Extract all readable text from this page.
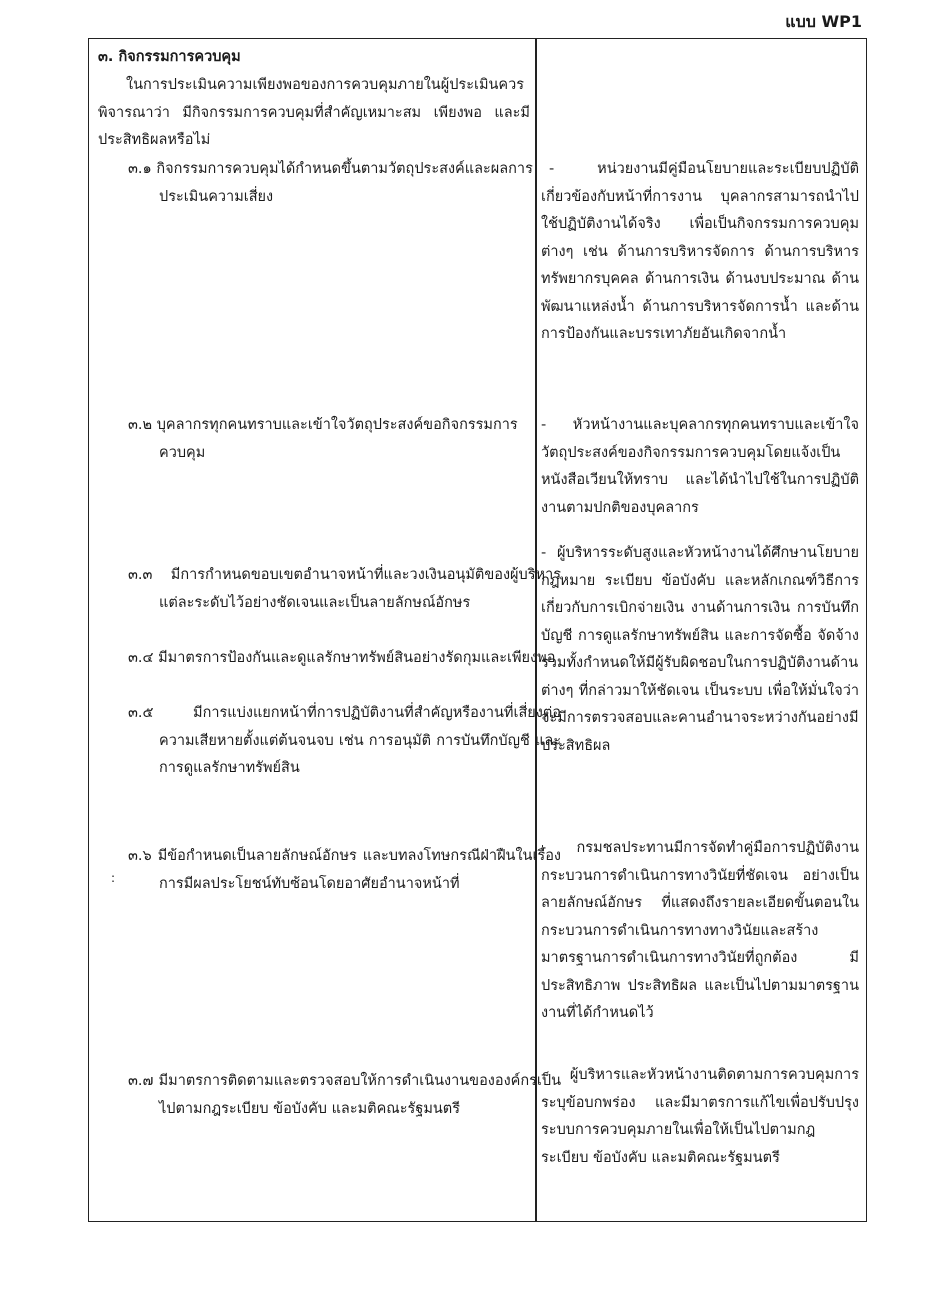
แบบ WP1
๓. กิจกรรมการควบคุม
ในการประเมินความเพียงพอของการควบคุมภายในผู้ประเมินควรพิจารณาว่า มีกิจกรรมการควบคุมที่สำคัญเหมาะสม เพียงพอ และมีประสิทธิผลหรือไม่
๓.๑ กิจกรรมการควบคุมได้กำหนดขึ้นตามวัตถุประสงค์และผลการประเมินความเสี่ยง
๓.๒ บุคลากรทุกคนทราบและเข้าใจวัตถุประสงค์ขอกิจกรรมการควบคุม
๓.๓ มีการกำหนดขอบเขตอำนาจหน้าที่และวงเงินอนุมัติของผู้บริหารแต่ละระดับไว้อย่างชัดเจนและเป็นลายลักษณ์อักษร
๓.๔ มีมาตรการป้องกันและดูแลรักษาทรัพย์สินอย่างรัดกุมและเพียงพอ
๓.๕ มีการแบ่งแยกหน้าที่การปฏิบัติงานที่สำคัญหรืองานที่เสี่ยงต่อความเสียหายตั้งแต่ต้นจนจบ เช่น การอนุมัติ การบันทึกบัญชี และการดูแลรักษาทรัพย์สิน
๓.๖ มีข้อกำหนดเป็นลายลักษณ์อักษร และบทลงโทษกรณีฝ่าฝืนในเรื่องการมีผลประโยชน์ทับซ้อนโดยอาศัยอำนาจหน้าที่
๓.๗ มีมาตรการติดตามและตรวจสอบให้การดำเนินงานขององค์กรเป็นไปตามกฎระเบียบ ข้อบังคับ และมติคณะรัฐมนตรี
- หน่วยงานมีคู่มือนโยบายและระเบียบปฏิบัติเกี่ยวข้องกับหน้าที่การงาน บุคลากรสามารถนำไปใช้ปฏิบัติงานได้จริง เพื่อเป็นกิจกรรมการควบคุมต่างๆ เช่น ด้านการบริหารจัดการ ด้านการบริหารทรัพยากรบุคคล ด้านการเงิน ด้านงบประมาณ ด้านพัฒนาแหล่งน้ำ ด้านการบริหารจัดการน้ำ และด้านการป้องกันและบรรเทาภัยอันเกิดจากน้ำ
- หัวหน้างานและบุคลากรทุกคนทราบและเข้าใจวัตถุประสงค์ของกิจกรรมการควบคุมโดยแจ้งเป็นหนังสือเวียนให้ทราบ และได้นำไปใช้ในการปฏิบัติงานตามปกติของบุคลากร
- ผู้บริหารระดับสูงและหัวหน้างานได้ศึกษานโยบาย กฎหมาย ระเบียบ ข้อบังคับ และหลักเกณฑ์วิธีการเกี่ยวกับการเบิกจ่ายเงิน งานด้านการเงิน การบันทึกบัญชี การดูแลรักษาทรัพย์สิน และการจัดซื้อ จัดจ้าง รวมทั้งกำหนดให้มีผู้รับผิดชอบในการปฏิบัติงานด้านต่างๆ ที่กล่าวมาให้ชัดเจน เป็นระบบ เพื่อให้มั่นใจว่าจะมีการตรวจสอบและคานอำนาจระหว่างกันอย่างมีประสิทธิผล
- กรมชลประทานมีการจัดทำคู่มือการปฏิบัติงานกระบวนการดำเนินการทางวินัยที่ชัดเจน อย่างเป็นลายลักษณ์อักษร ที่แสดงถึงรายละเอียดขั้นตอนในกระบวนการดำเนินการทางทางวินัยและสร้างมาตรฐานการดำเนินการทางวินัยที่ถูกต้อง มีประสิทธิภาพ ประสิทธิผล และเป็นไปตามมาตรฐานงานที่ได้กำหนดไว้
- ผู้บริหารและหัวหน้างานติดตามการควบคุมการระบุข้อบกพร่อง และมีมาตรการแก้ไขเพื่อปรับปรุงระบบการควบคุมภายในเพื่อให้เป็นไปตามกฎระเบียบ ข้อบังคับ และมติคณะรัฐมนตรี
:
